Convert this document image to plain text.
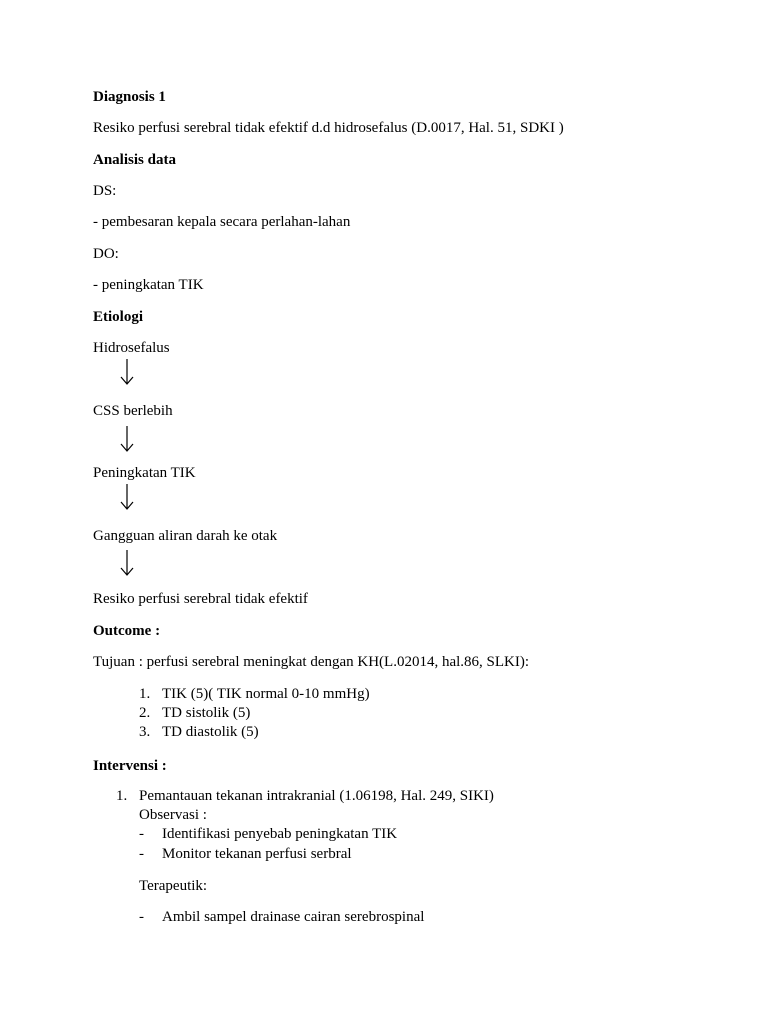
Diagnosis 1
Resiko perfusi serebral tidak efektif d.d hidrosefalus (D.0017, Hal. 51, SDKI )
Analisis data
DS:
- pembesaran kepala secara perlahan-lahan
DO:
- peningkatan TIK
Etiologi
Hidrosefalus
CSS berlebih
Peningkatan TIK
Gangguan aliran darah ke otak
Resiko perfusi serebral tidak efektif
Outcome :
Tujuan : perfusi serebral meningkat dengan KH(L.02014, hal.86, SLKI):
1. TIK (5)( TIK normal 0-10 mmHg)
2. TD sistolik (5)
3. TD diastolik (5)
Intervensi :
1. Pemantauan tekanan intrakranial (1.06198, Hal. 249, SIKI)
Observasi :
- Identifikasi penyebab peningkatan TIK
- Monitor tekanan perfusi serbral
Terapeutik:
- Ambil sampel drainase cairan serebrospinal
